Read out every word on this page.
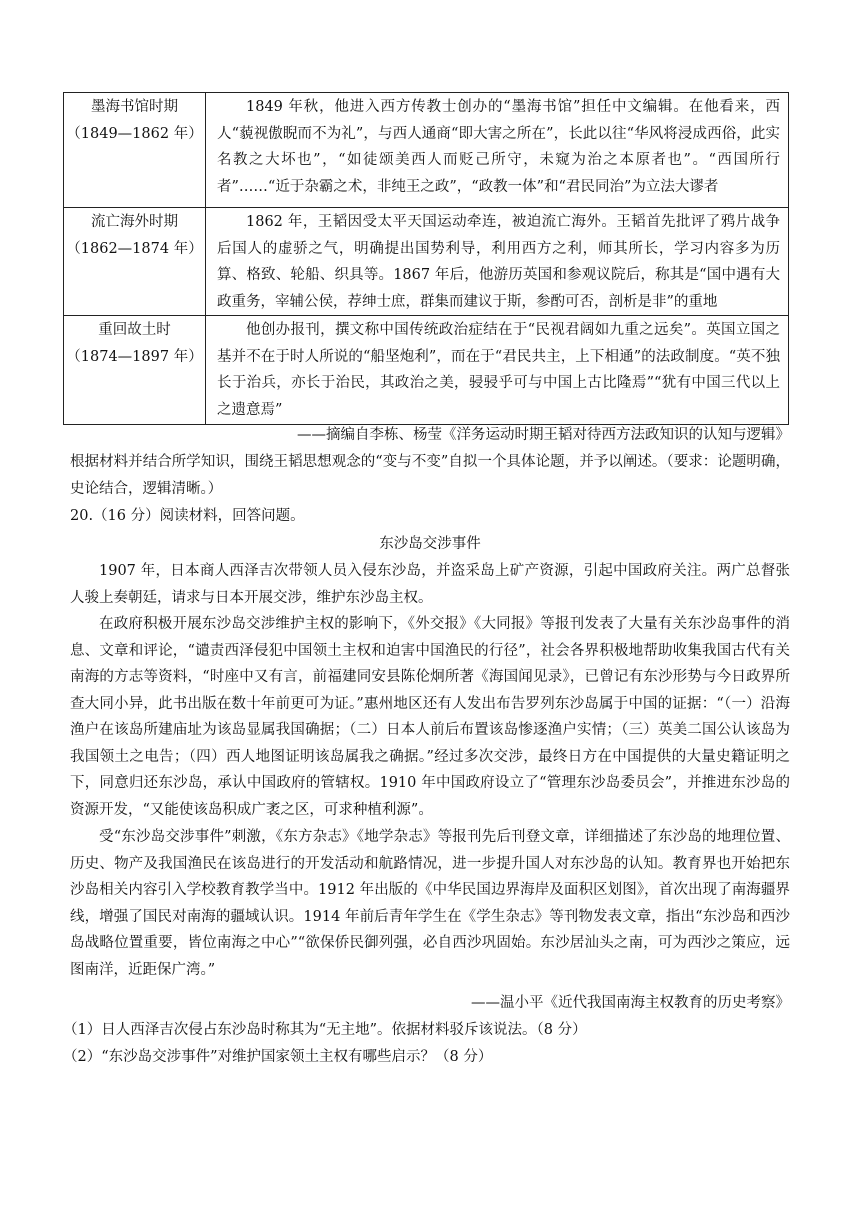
墨海书馆时期
（1849—1862 年）	1849 年秋，他进入西方传教士创办的“墨海书馆”担任中文编辑。在他看来，西人“藐视傲睨而不为礼”，与西人通商“即大害之所在”，长此以往“华风将浸成西俗，此实名教之大坏也”，“如徒颂美西人而贬己所守，未窥为治之本原者也”。“西国所行者”……“近于杂霸之术，非纯王之政”，“政教一体”和“君民同治”为立法大谬者

流亡海外时期
（1862—1874 年）	1862 年，王韬因受太平天国运动牵连，被迫流亡海外。王韬首先批评了鸦片战争后国人的虚骄之气，明确提出国势利导，利用西方之利，师其所长，学习内容多为历算、格致、轮船、织具等。1867 年后，他游历英国和参观议院后，称其是“国中遇有大政重务，宰辅公侯，荐绅士庶，群集而建议于斯，参酌可否，剖析是非”的重地

重回故土时
（1874—1897 年）	他创办报刊，撰文称中国传统政治症结在于“民视君阔如九重之远矣”。英国立国之基并不在于时人所说的“船坚炮利”，而在于“君民共主，上下相通”的法政制度。“英不独长于治兵，亦长于治民，其政治之美，骎骎乎可与中国上古比隆焉”“犹有中国三代以上之遗意焉”
——摘编自李栋、杨莹《洋务运动时期王韬对待西方法政知识的认知与逻辑》
根据材料并结合所学知识，围绕王韬思想观念的“变与不变”自拟一个具体论题，并予以阐述。（要求：论题明确，史论结合，逻辑清晰。）
20.（16 分）阅读材料，回答问题。
东沙岛交涉事件
1907 年，日本商人西泽吉次带领人员入侵东沙岛，并盗采岛上矿产资源，引起中国政府关注。两广总督张人骏上奏朝廷，请求与日本开展交涉，维护东沙岛主权。
在政府积极开展东沙岛交涉维护主权的影响下，《外交报》《大同报》等报刊发表了大量有关东沙岛事件的消息、文章和评论，“谴责西泽侵犯中国领土主权和迫害中国渔民的行径”，社会各界积极地帮助收集我国古代有关南海的方志等资料，“时座中又有言，前福建同安县陈伦炯所著《海国闻见录》，已曾记有东沙形势与今日政界所查大同小异，此书出版在数十年前更可为证。”惠州地区还有人发出布告罗列东沙岛属于中国的证据：“（一）沿海渔户在该岛所建庙址为该岛显属我国确据；（二）日本人前后布置该岛惨逐渔户实情；（三）英美二国公认该岛为我国领土之电告；（四）西人地图证明该岛属我之确据。”经过多次交涉，最终日方在中国提供的大量史籍证明之下，同意归还东沙岛，承认中国政府的管辖权。1910 年中国政府设立了“管理东沙岛委员会”，并推进东沙岛的资源开发，“又能使该岛积成广袤之区，可求种植利源”。
受“东沙岛交涉事件”刺激，《东方杂志》《地学杂志》等报刊先后刊登文章，详细描述了东沙岛的地理位置、历史、物产及我国渔民在该岛进行的开发活动和航路情况，进一步提升国人对东沙岛的认知。教育界也开始把东沙岛相关内容引入学校教育教学当中。1912 年出版的《中华民国边界海岸及面积区划图》，首次出现了南海疆界线，增强了国民对南海的疆域认识。1914 年前后青年学生在《学生杂志》等刊物发表文章，指出“东沙岛和西沙岛战略位置重要，皆位南海之中心”“欲保侨民御列强，必自西沙巩固始。东沙居汕头之南，可为西沙之策应，远图南洋，近距保广湾。”
——温小平《近代我国南海主权教育的历史考察》
（1）日人西泽吉次侵占东沙岛时称其为“无主地”。依据材料驳斥该说法。（8 分）
（2）“东沙岛交涉事件”对维护国家领土主权有哪些启示？（8 分）
